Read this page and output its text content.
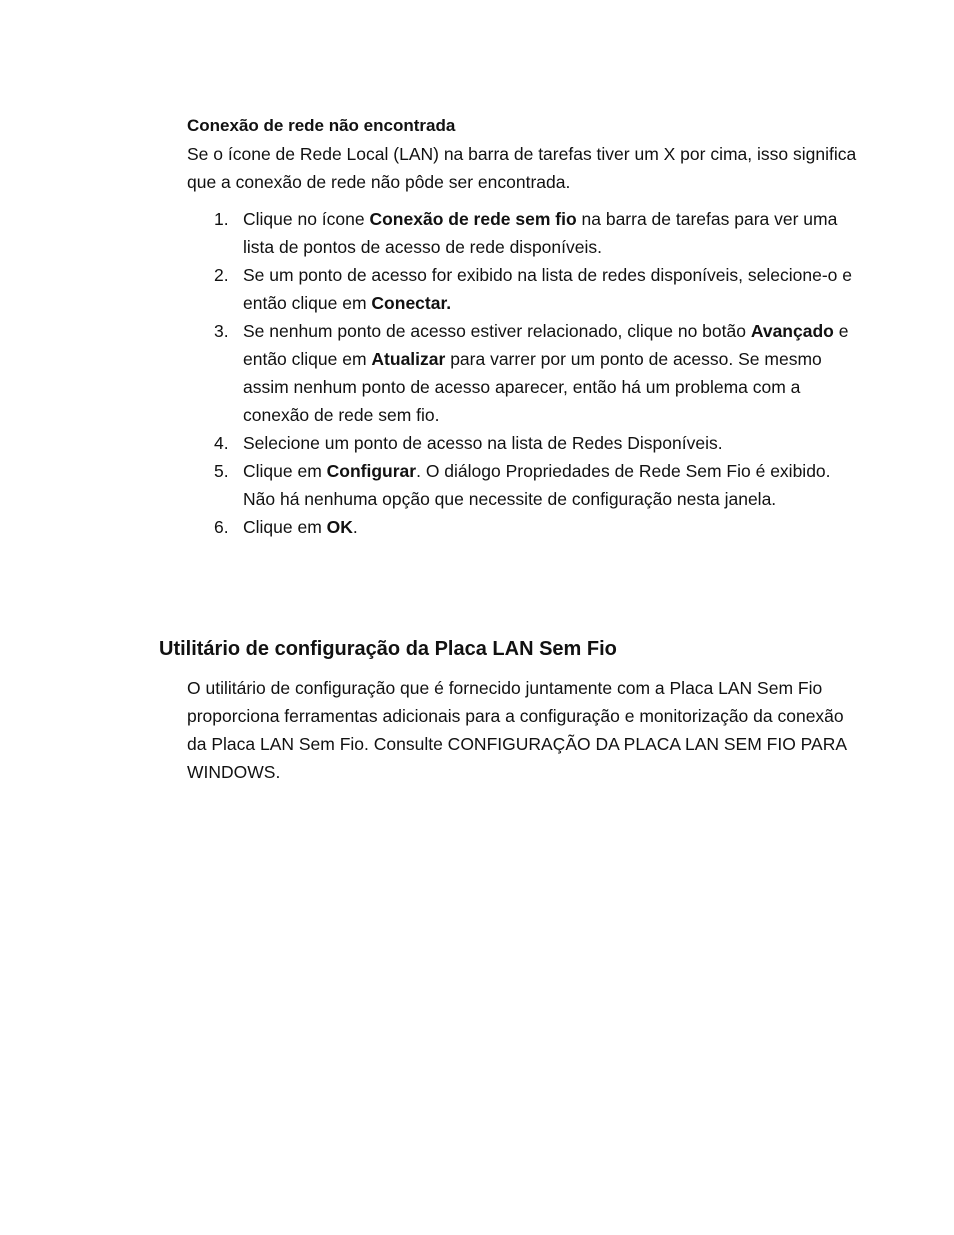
Conexão de rede não encontrada

Se o ícone de Rede Local (LAN) na barra de tarefas tiver um X por cima, isso significa que a conexão de rede não pôde ser encontrada.

1. Clique no ícone Conexão de rede sem fio na barra de tarefas para ver uma lista de pontos de acesso de rede disponíveis.
2. Se um ponto de acesso for exibido na lista de redes disponíveis, selecione-o e então clique em Conectar.
3. Se nenhum ponto de acesso estiver relacionado, clique no botão Avançado e então clique em Atualizar para varrer por um ponto de acesso. Se mesmo assim nenhum ponto de acesso aparecer, então há um problema com a conexão de rede sem fio.
4. Selecione um ponto de acesso na lista de Redes Disponíveis.
5. Clique em Configurar. O diálogo Propriedades de Rede Sem Fio é exibido. Não há nenhuma opção que necessite de configuração nesta janela.
6. Clique em OK.
Utilitário de configuração da Placa LAN Sem Fio

O utilitário de configuração que é fornecido juntamente com a Placa LAN Sem Fio proporciona ferramentas adicionais para a configuração e monitorização da conexão da Placa LAN Sem Fio. Consulte CONFIGURAÇÃO DA PLACA LAN SEM FIO PARA WINDOWS.
